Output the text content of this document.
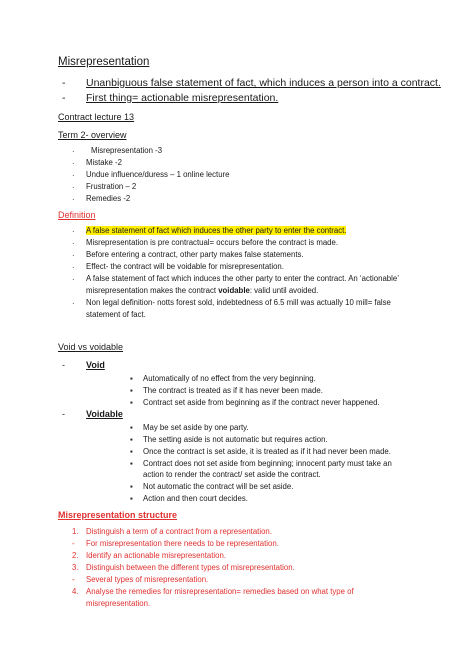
Misrepresentation
- Unanbiguous false statement of fact, which induces a person into a contract.
- First thing= actionable misrepresentation.
Contract lecture 13
Term 2- overview
· Misrepresentation -3
· Mistake -2
· Undue influence/duress – 1 online lecture
· Frustration – 2
· Remedies -2
Definition
· A false statement of fact which induces the other party to enter the contract.
· Misrepresentation is pre contractual= occurs before the contract is made.
· Before entering a contract, other party makes false statements.
· Effect- the contract will be voidable for misrepresentation.
· A false statement of fact which induces the other party to enter the contract. An ‘actionable’
misrepresentation makes the contract voidable: valid until avoided.
· Non legal definition- notts forest sold, indebtedness of 6.5 mill was actually 10 mill= false
statement of fact.
Void vs voidable
- Void
▪ Automatically of no effect from the very beginning.
▪ The contract is treated as if it has never been made.
▪ Contract set aside from beginning as if the contract never happened.
- Voidable
▪ May be set aside by one party.
▪ The setting aside is not automatic but requires action.
▪ Once the contract is set aside, it is treated as if it had never been made.
▪ Contract does not set aside from beginning; innocent party must take an
action to render the contract/ set aside the contract.
▪ Not automatic the contract will be set aside.
▪ Action and then court decides.
Misrepresentation structure
1. Distinguish a term of a contract from a representation.
- For misrepresentation there needs to be representation.
2. Identify an actionable misrepresentation.
3. Distinguish between the different types of misrepresentation.
- Several types of misrepresentation.
4. Analyse the remedies for misrepresentation= remedies based on what type of
misrepresentation.
